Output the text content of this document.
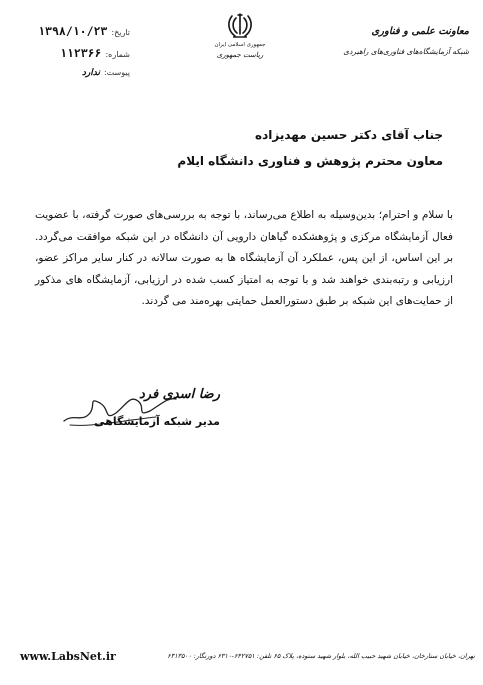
معاونت علمی و فناوری
شبکه آزمایشگاه‌های فناوری‌های راهبردی
جمهوری اسلامی ایران
ریاست جمهوری
تاریخ:
۱۳۹۸/۱۰/۲۳
شماره:
۱۱۲۳۶۶
پیوست:
ندارد
جناب آقای دکتر حسین مهدیزاده
معاون محترم پژوهش و فناوری دانشگاه ایلام
با سلام و احترام؛ بدین‌وسیله به اطلاع می‌رساند، با توجه به بررسی‌های صورت گرفته، با عضویت فعال آزمایشگاه مرکزی و پژوهشکده گیاهان دارویی آن دانشگاه در این شبکه موافقت می‌گردد. بر این اساس، از این پس، عملکرد آن آزمایشگاه ها به صورت سالانه در کنار سایر مراکز عضو، ارزیابی و رتبه‌بندی خواهند شد و با توجه به امتیاز کسب شده در ارزیابی، آزمایشگاه های مذکور از حمایت‌های این شبکه بر طبق دستورالعمل حمایتی بهره‌مند می گردند.
رضا اسدی فرد
مدیر شبکه آزمایشگاهی
www.LabsNet.ir	تهران، خیابان ستارخان، خیابان شهید حبیب الله، بلوار شهید ستوده، پلاک ۶۵ تلفن: ۶۴۲۷۵۱-۶۳۱۰ دورنگار: ۶۳۱۳۵۰۰
